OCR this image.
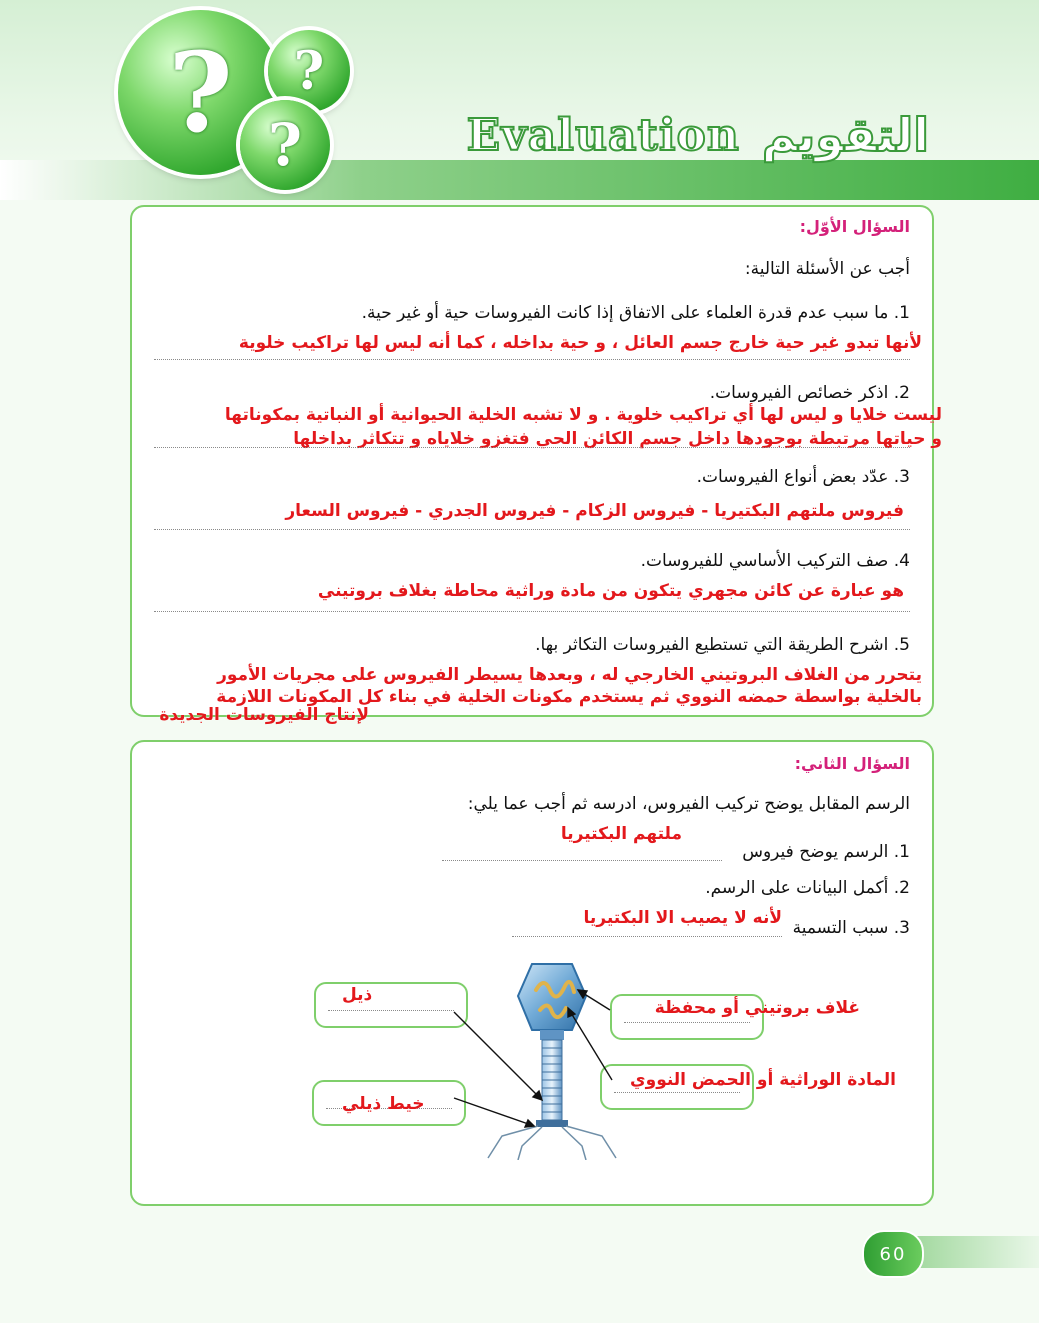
?	?
?	Evaluation التقويم
السؤال الأوّل:
أجب عن الأسئلة التالية:
1. ما سبب عدم قدرة العلماء على الاتفاق إذا كانت الفيروسات حية أو غير حية.
لأنها تبدو غير حية خارج جسم العائل ، و حية بداخله ، كما أنه ليس لها تراكيب خلوية
2. اذكر خصائص الفيروسات.
ليست خلايا و ليس لها أي تراكيب خلوية . و لا تشبه الخلية الحيوانية أو النباتية بمكوناتها
و حياتها مرتبطة بوجودها داخل جسم الكائن الحي فتغزو خلاياه و تتكاثر بداخلها
3. عدّد بعض أنواع الفيروسات.
فيروس ملتهم البكتيريا - فيروس الزكام - فيروس الجدري - فيروس السعار
4. صف التركيب الأساسي للفيروسات.
هو عبارة عن كائن مجهري يتكون من مادة وراثية محاطة بغلاف بروتيني
5. اشرح الطريقة التي تستطيع الفيروسات التكاثر بها.
يتحرر من الغلاف البروتيني الخارجي له ، وبعدها يسيطر الفيروس على مجريات الأمور
بالخلية بواسطة حمضه النووي ثم يستخدم مكونات الخلية في بناء كل المكونات اللازمة
لإنتاج الفيروسات الجديدة
السؤال الثاني:
الرسم المقابل يوضح تركيب الفيروس، ادرسه ثم أجب عما يلي:
ملتهم البكتيريا
1. الرسم يوضح فيروس
2. أكمل البيانات على الرسم.
لأنه لا يصيب الا البكتيريا 3. سبب التسمية
ذيل
خيط ذيلي
غلاف بروتيني أو محفظة
المادة الوراثية أو الحمض النووي
60
